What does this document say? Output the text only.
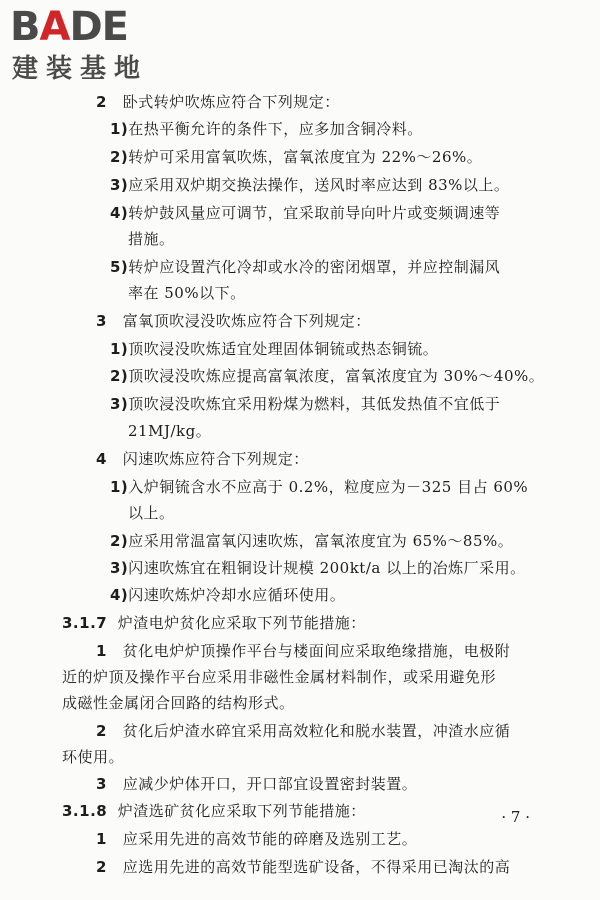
BADE
建装基地
2 卧式转炉吹炼应符合下列规定：
1)在热平衡允许的条件下，应多加含铜冷料。
2)转炉可采用富氧吹炼，富氧浓度宜为 22%～26%。
3)应采用双炉期交换法操作，送风时率应达到 83%以上。
4)转炉鼓风量应可调节，宜采取前导向叶片或变频调速等
措施。
5)转炉应设置汽化冷却或水冷的密闭烟罩，并应控制漏风
率在 50%以下。
3 富氧顶吹浸没吹炼应符合下列规定：
1)顶吹浸没吹炼适宜处理固体铜锍或热态铜锍。
2)顶吹浸没吹炼应提高富氧浓度，富氧浓度宜为 30%～40%。
3)顶吹浸没吹炼宜采用粉煤为燃料，其低发热值不宜低于
21MJ/kg。
4 闪速吹炼应符合下列规定：
1)入炉铜锍含水不应高于 0.2%，粒度应为－325 目占 60%
以上。
2)应采用常温富氧闪速吹炼，富氧浓度宜为 65%～85%。
3)闪速吹炼宜在粗铜设计规模 200kt/a 以上的冶炼厂采用。
4)闪速吹炼炉冷却水应循环使用。
3.1.7 炉渣电炉贫化应采取下列节能措施：
1 贫化电炉炉顶操作平台与楼面间应采取绝缘措施，电极附
近的炉顶及操作平台应采用非磁性金属材料制作，或采用避免形
成磁性金属闭合回路的结构形式。
2 贫化后炉渣水碎宜采用高效粒化和脱水装置，冲渣水应循
环使用。
3 应减少炉体开口，开口部宜设置密封装置。
3.1.8 炉渣选矿贫化应采取下列节能措施：
1 应采用先进的高效节能的碎磨及选别工艺。
2 应选用先进的高效节能型选矿设备，不得采用已淘汰的高
· 7 ·
